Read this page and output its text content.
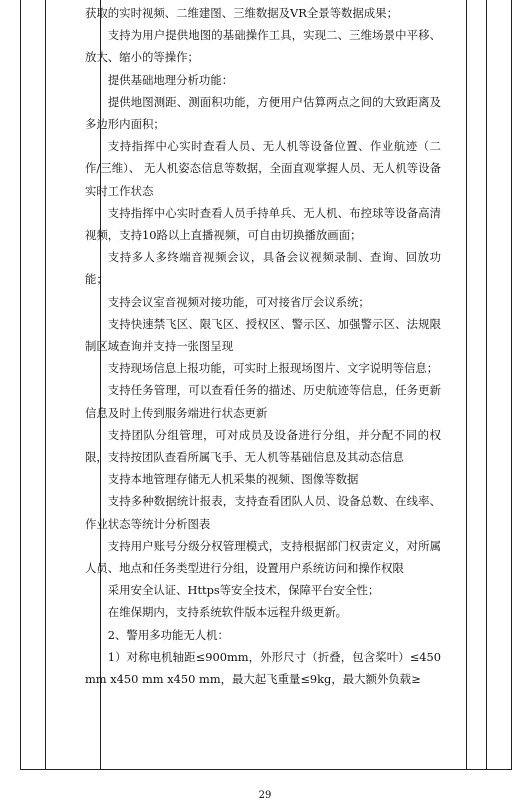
获取的实时视频、二维建图、三维数据及VR全景等数据成果；

支持为用户提供地图的基础操作工具，实现二、三维场景中平移、放大、缩小的等操作；

提供基础地理分析功能：

提供地图测距、测面积功能，方便用户估算两点之间的大致距离及多边形内面积；

支持指挥中心实时查看人员、无人机等设备位置、作业航迹（二作/三维）、 无人机姿态信息等数据，全面直观掌握人员、无人机等设备实时工作状态

支持指挥中心实时查看人员手持单兵、无人机、布控球等设备高清视频，支持10路以上直播视频，可自由切换播放画面；

支持多人多终端音视频会议，具备会议视频录制、查询、回放功能；

支持会议室音视频对接功能，可对接省厅会议系统；

支持快速禁飞区、限飞区、授权区、警示区、加强警示区、法规限制区域查询并支持一张图呈现

支持现场信息上报功能，可实时上报现场图片、文字说明等信息；

支持任务管理，可以查看任务的描述、历史航迹等信息，任务更新信息及时上传到服务端进行状态更新

支持团队分组管理，可对成员及设备进行分组，并分配不同的权限，支持按团队查看所属飞手、无人机等基础信息及其动态信息

支持本地管理存储无人机采集的视频、图像等数据

支持多种数据统计报表，支持查看团队人员、设备总数、在线率、作业状态等统计分析图表

支持用户账号分级分权管理模式，支持根据部门权责定义，对所属人员、地点和任务类型进行分组，设置用户系统访问和操作权限

采用安全认证、Https等安全技术，保障平台安全性；

在维保期内，支持系统软件版本远程升级更新。

2、警用多功能无人机：

1）对称电机轴距≤900mm，外形尺寸（折叠，包含桨叶）≤450 mm x450 mm x450 mm，最大起飞重量≤9kg，最大额外负载≥

29
